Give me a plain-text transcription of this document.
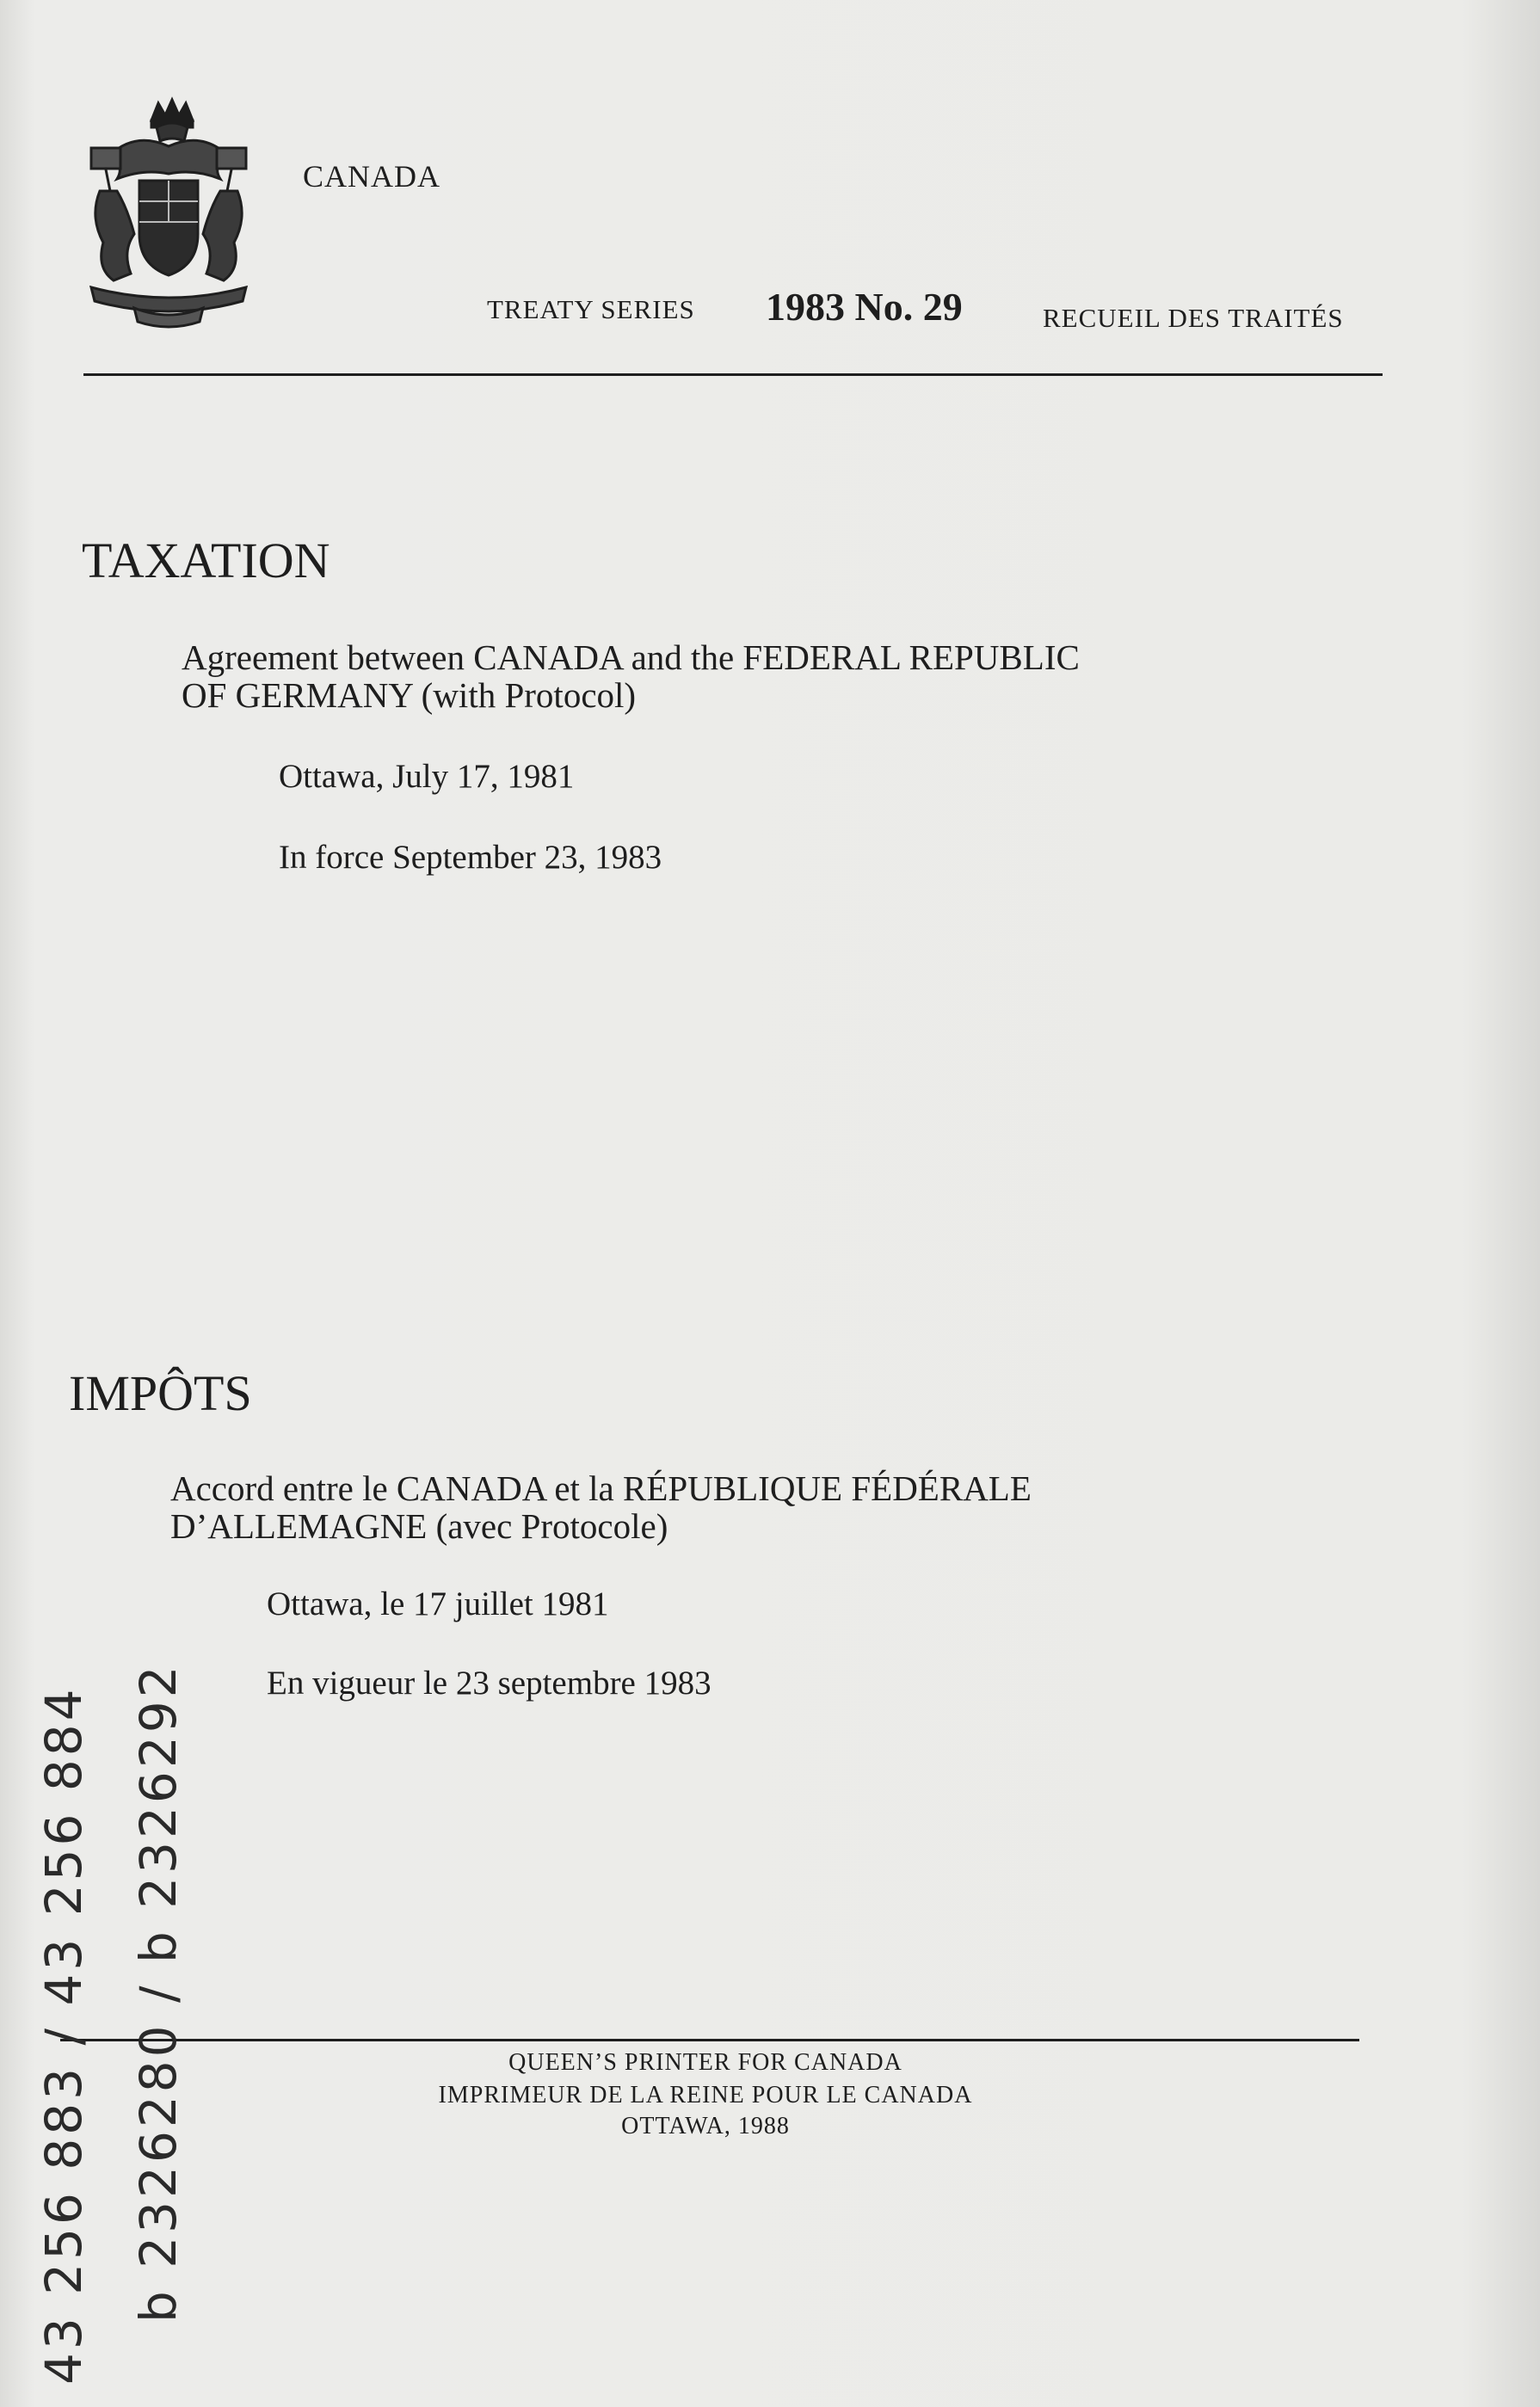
CANADA
TREATY SERIES 1983 No. 29	RECUEIL DES TRAITÉS
TAXATION
Agreement between CANADA and the FEDERAL REPUBLIC
OF GERMANY (with Protocol)
Ottawa, July 17, 1981
In force September 23, 1983
IMPÔTS
Accord entre le CANADA et la RÉPUBLIQUE FÉDÉRALE
D’ALLEMAGNE (avec Protocole)
Ottawa, le 17 juillet 1981
En vigueur le 23 septembre 1983
QUEEN’S PRINTER FOR CANADA
IMPRIMEUR DE LA REINE POUR LE CANADA
OTTAWA, 1988
43 256 883 / 43 256 884 b 2326280 / b 2326292
